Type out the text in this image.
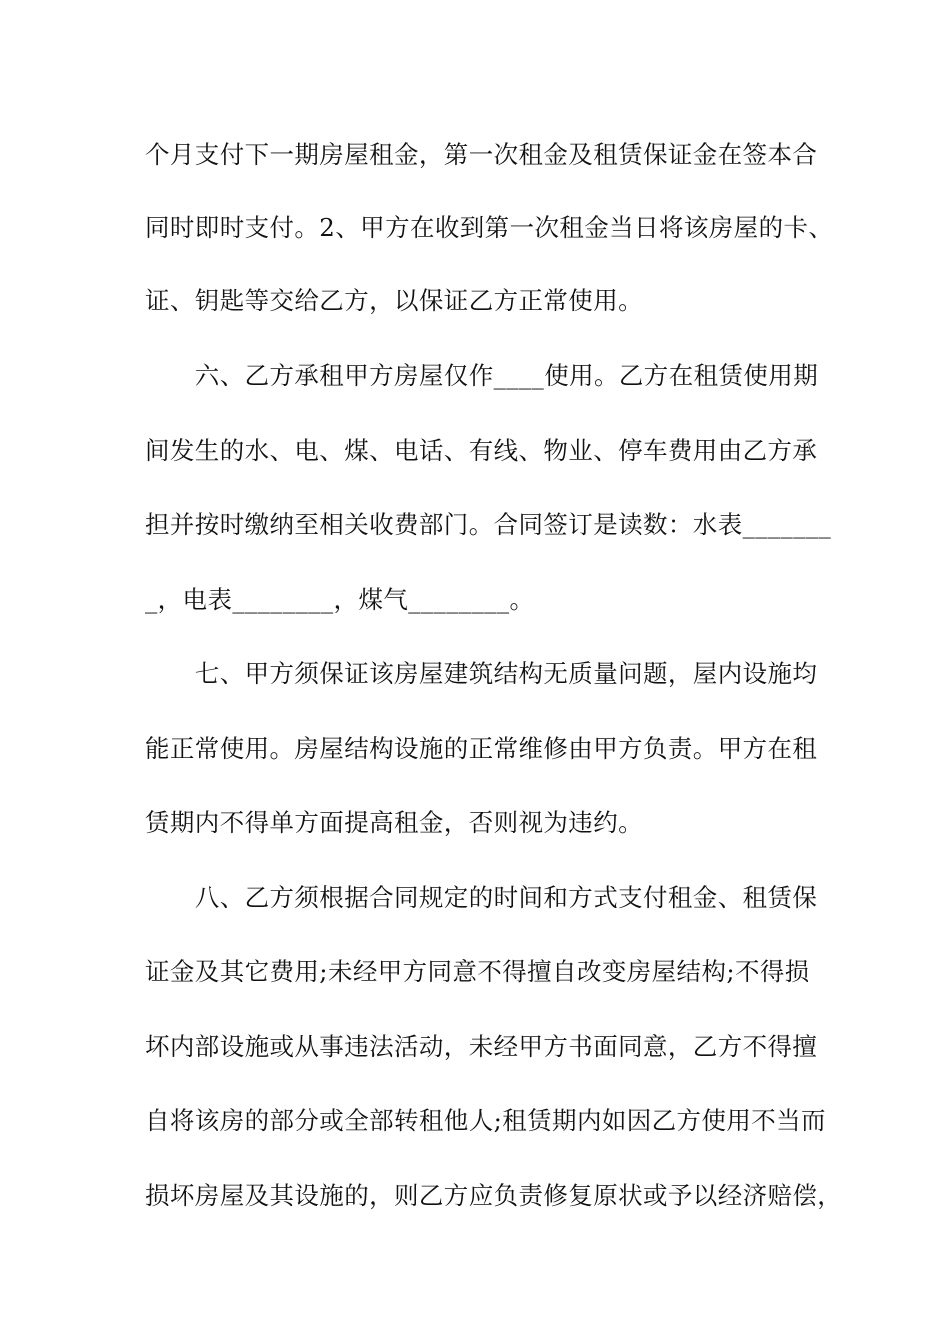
个月支付下一期房屋租金，第一次租金及租赁保证金在签本合
同时即时支付。2、甲方在收到第一次租金当日将该房屋的卡、
证、钥匙等交给乙方，以保证乙方正常使用。
　　六、乙方承租甲方房屋仅作____使用。乙方在租赁使用期
间发生的水、电、煤、电话、有线、物业、停车费用由乙方承
担并按时缴纳至相关收费部门。合同签订是读数：水表_______
_，电表________，煤气________。
　　七、甲方须保证该房屋建筑结构无质量问题，屋内设施均
能正常使用。房屋结构设施的正常维修由甲方负责。甲方在租
赁期内不得单方面提高租金，否则视为违约。
　　八、乙方须根据合同规定的时间和方式支付租金、租赁保
证金及其它费用;未经甲方同意不得擅自改变房屋结构;不得损
坏内部设施或从事违法活动，未经甲方书面同意，乙方不得擅
自将该房的部分或全部转租他人;租赁期内如因乙方使用不当而
损坏房屋及其设施的，则乙方应负责修复原状或予以经济赔偿，
